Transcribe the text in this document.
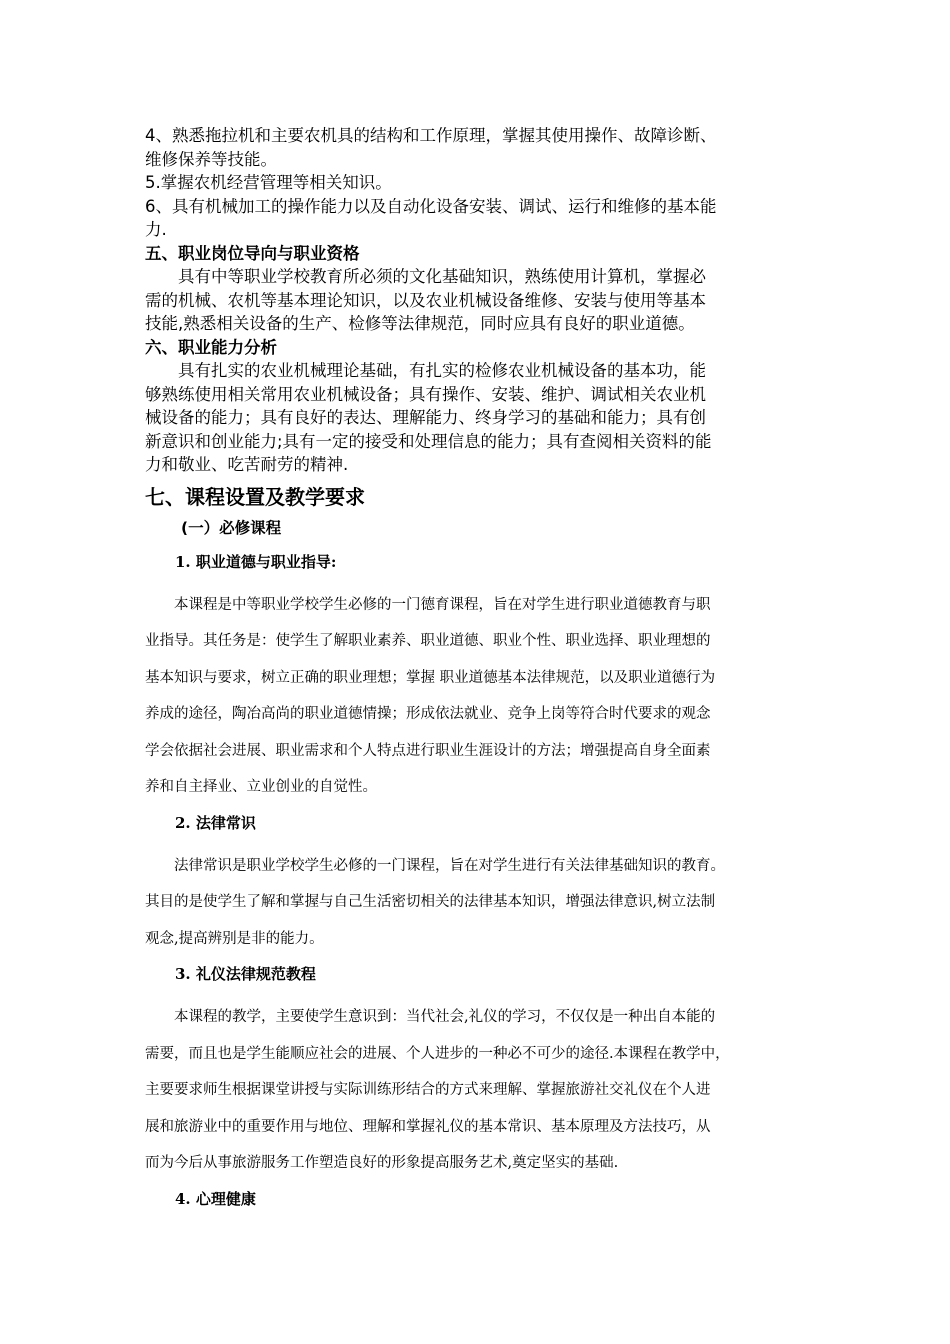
4、熟悉拖拉机和主要农机具的结构和工作原理，掌握其使用操作、故障诊断、

维修保养等技能。

5.掌握农机经营管理等相关知识。

6、具有机械加工的操作能力以及自动化设备安装、调试、运行和维修的基本能

力.

五、职业岗位导向与职业资格

具有中等职业学校教育所必须的文化基础知识，熟练使用计算机，掌握必

需的机械、农机等基本理论知识，以及农业机械设备维修、安装与使用等基本

技能,熟悉相关设备的生产、检修等法律规范，同时应具有良好的职业道德。

六、职业能力分析

具有扎实的农业机械理论基础，有扎实的检修农业机械设备的基本功，能

够熟练使用相关常用农业机械设备；具有操作、安装、维护、调试相关农业机

械设备的能力；具有良好的表达、理解能力、终身学习的基础和能力；具有创

新意识和创业能力;具有一定的接受和处理信息的能力；具有查阅相关资料的能

力和敬业、吃苦耐劳的精神.

七、课程设置及教学要求
(一）必修课程
1. 职业道德与职业指导:
本课程是中等职业学校学生必修的一门德育课程，旨在对学生进行职业道德教育与职
业指导。其任务是：使学生了解职业素养、职业道德、职业个性、职业选择、职业理想的
基本知识与要求，树立正确的职业理想；掌握 职业道德基本法律规范，以及职业道德行为
养成的途径，陶冶高尚的职业道德情操；形成依法就业、竞争上岗等符合时代要求的观念
学会依据社会进展、职业需求和个人特点进行职业生涯设计的方法；增强提高自身全面素
养和自主择业、立业创业的自觉性。
2. 法律常识
法律常识是职业学校学生必修的一门课程，旨在对学生进行有关法律基础知识的教育。
其目的是使学生了解和掌握与自己生活密切相关的法律基本知识，增强法律意识,树立法制
观念,提高辨别是非的能力。
3. 礼仪法律规范教程
本课程的教学，主要使学生意识到：当代社会,礼仪的学习，不仅仅是一种出自本能的
需要，而且也是学生能顺应社会的进展、个人进步的一种必不可少的途径.本课程在教学中，
主要要求师生根据课堂讲授与实际训练形结合的方式来理解、掌握旅游社交礼仪在个人进
展和旅游业中的重要作用与地位、理解和掌握礼仪的基本常识、基本原理及方法技巧，从
而为今后从事旅游服务工作塑造良好的形象提高服务艺术,奠定坚实的基础.
4. 心理健康
